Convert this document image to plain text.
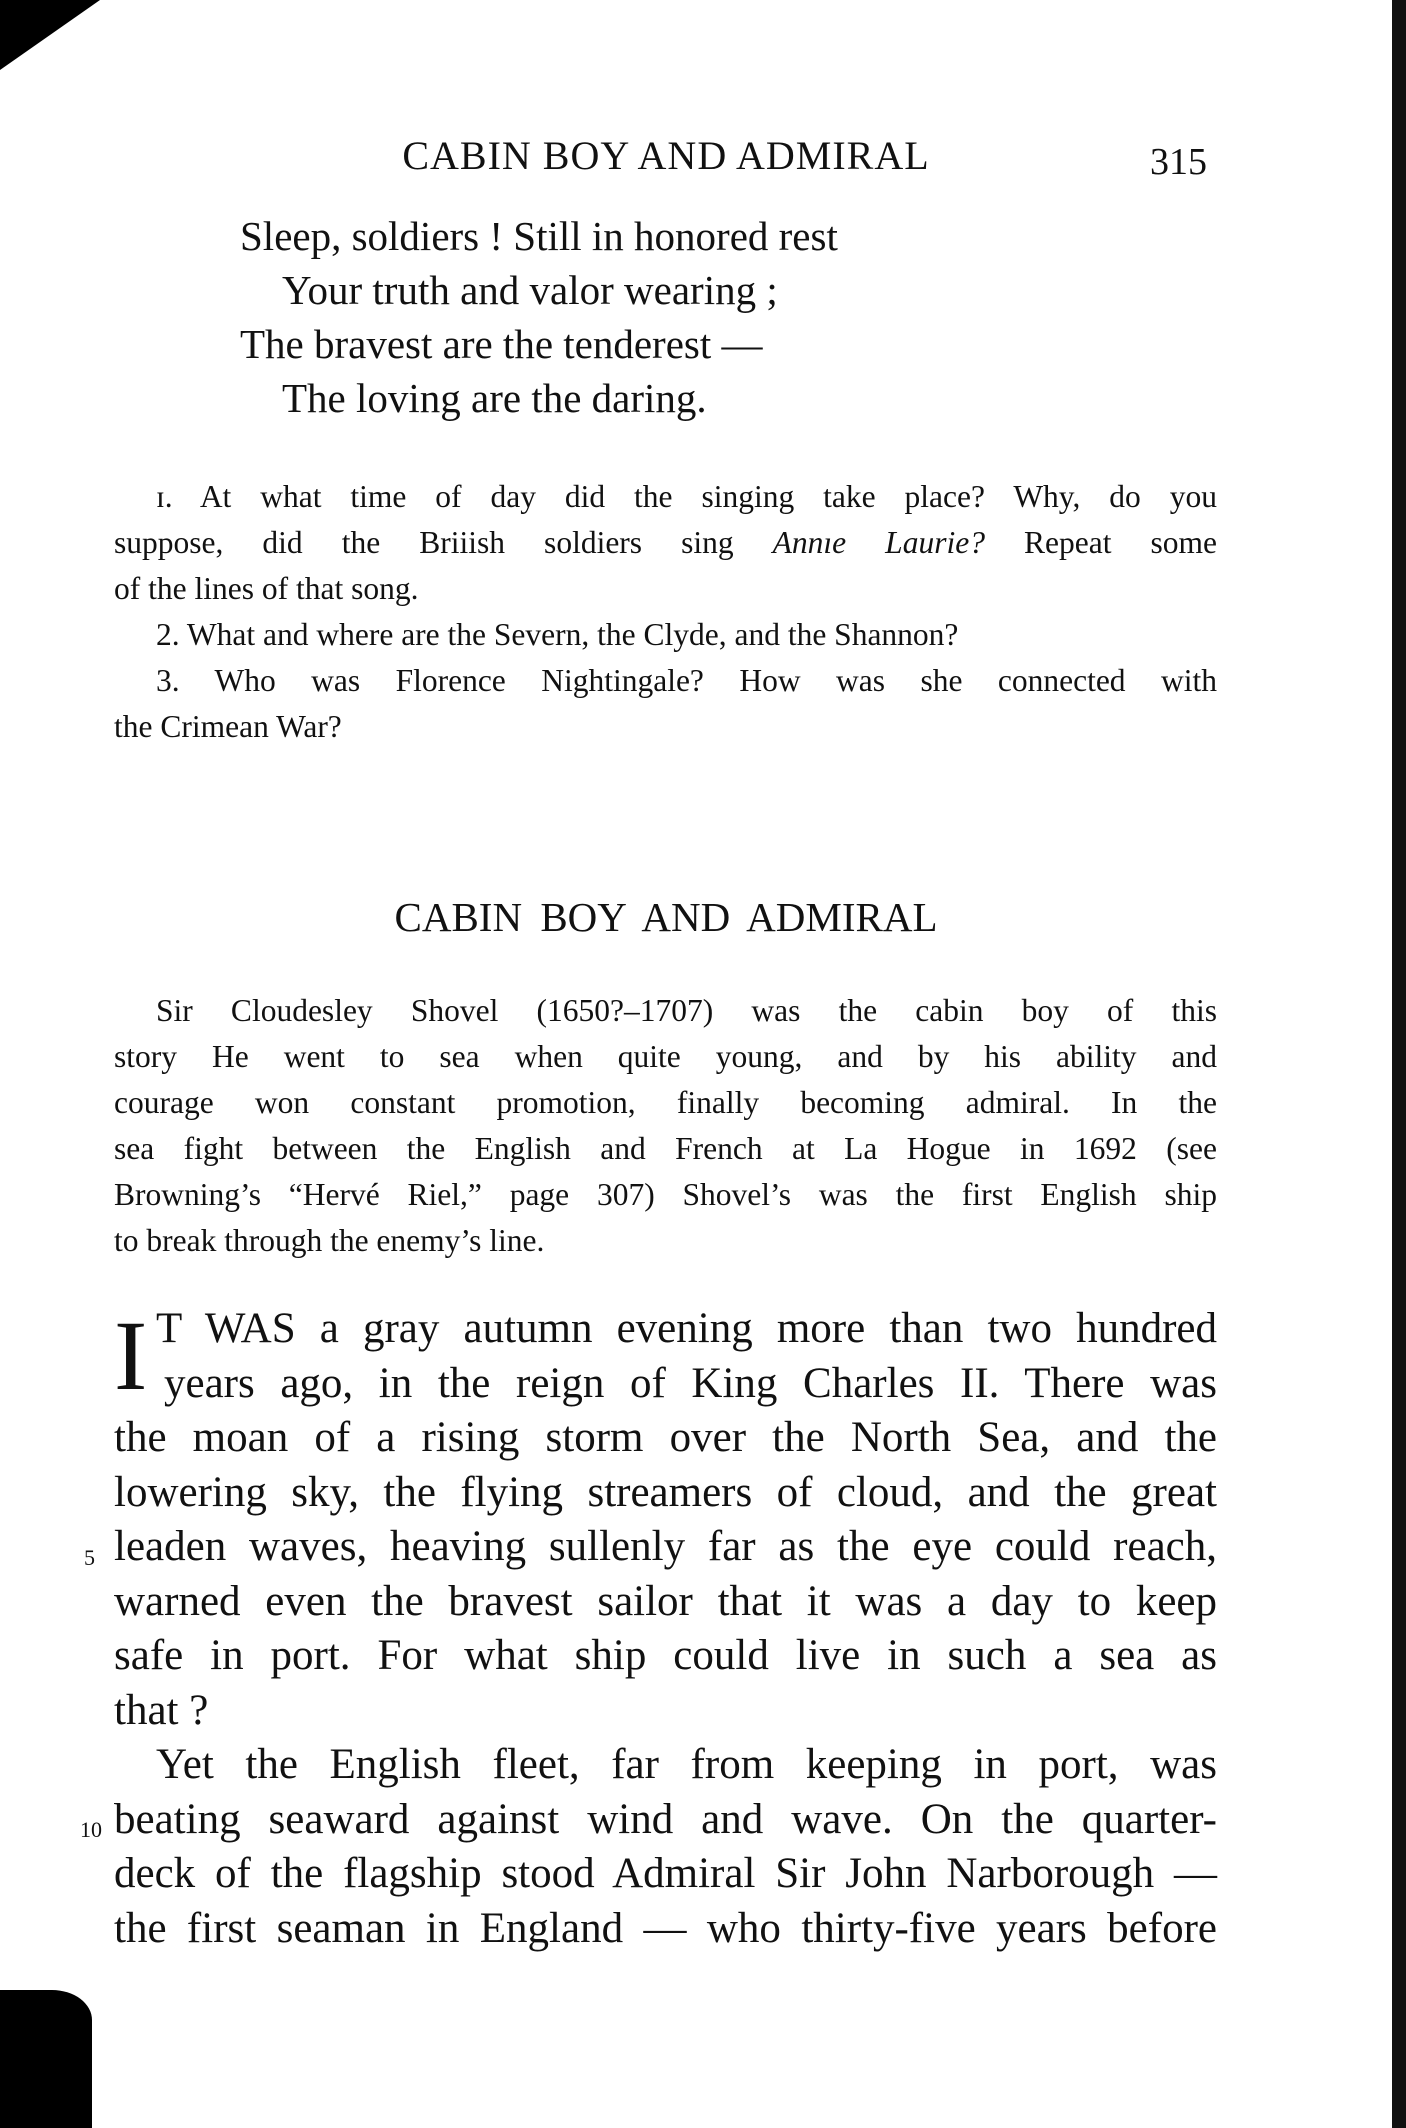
CABIN BOY AND ADMIRAL	315
Sleep, soldiers ! Still in honored rest
Your truth and valor wearing ;
The bravest are the tenderest —
The loving are the daring.
ɪ. At what time of day did the singing take place? Why, do you
suppose, did the Briiish soldiers sing Annıe Laurie? Repeat some
of the lines of that song.
2. What and where are the Severn, the Clyde, and the Shannon?
3. Who was Florence Nightingale? How was she connected with
the Crimean War?
CABIN BOY AND ADMIRAL
Sir Cloudesley Shovel (1650?–1707) was the cabin boy of this
story He went to sea when quite young, and by his ability and
courage won constant promotion, finally becoming admiral. In the
sea fight between the English and French at La Hogue in 1692 (see
Browning’s “Hervé Riel,” page 307) Shovel’s was the first English ship
to break through the enemy’s line.
I T WAS a gray autumn evening more than two hundred
years ago, in the reign of King Charles II. There was
the moan of a rising storm over the North Sea, and the
lowering sky, the flying streamers of cloud, and the great
leaden waves, heaving sullenly far as the eye could reach,
warned even the bravest sailor that it was a day to keep
safe in port. For what ship could live in such a sea as
that ?
Yet the English fleet, far from keeping in port, was
beating seaward against wind and wave. On the quarter-
deck of the flagship stood Admiral Sir John Narborough —
the first seaman in England — who thirty-five years before
5
10
